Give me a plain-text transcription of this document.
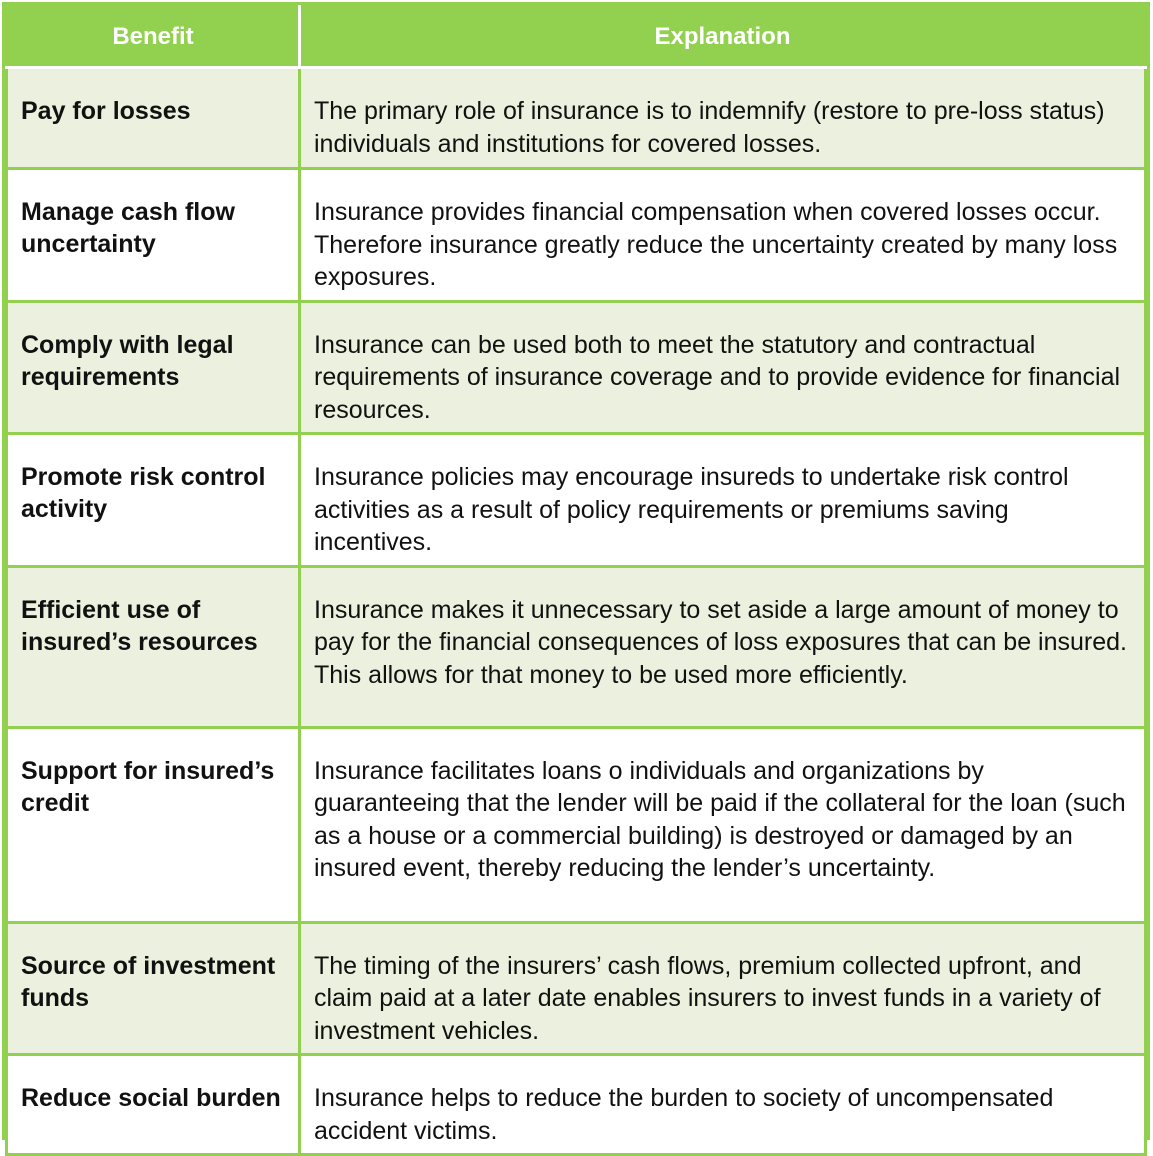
Benefit	Explanation
Pay for losses	The primary role of insurance is to indemnify (restore to pre-loss status) individuals and institutions for covered losses.
Manage cash flow uncertainty	Insurance provides financial compensation when covered losses occur. Therefore insurance greatly reduce the uncertainty created by many loss exposures.
Comply with legal requirements	Insurance can be used both to meet the statutory and contractual requirements of insurance coverage and to provide evidence for financial resources.
Promote risk control activity	Insurance policies may encourage insureds to undertake risk control activities as a result of policy requirements or premiums saving incentives.
Efficient use of insured’s resources	Insurance makes it unnecessary to set aside a large amount of money to pay for the financial consequences of loss exposures that can be insured. This allows for that money to be used more efficiently.
Support for insured’s credit	Insurance facilitates loans o individuals and organizations by guaranteeing that the lender will be paid if the collateral for the loan (such as a house or a commercial building) is destroyed or damaged by an insured event, thereby reducing the lender’s uncertainty.
Source of investment funds	The timing of the insurers’ cash flows, premium collected upfront, and claim paid at a later date enables insurers to invest funds in a variety of investment vehicles.
Reduce social burden	Insurance helps to reduce the burden to society of uncompensated accident victims.
